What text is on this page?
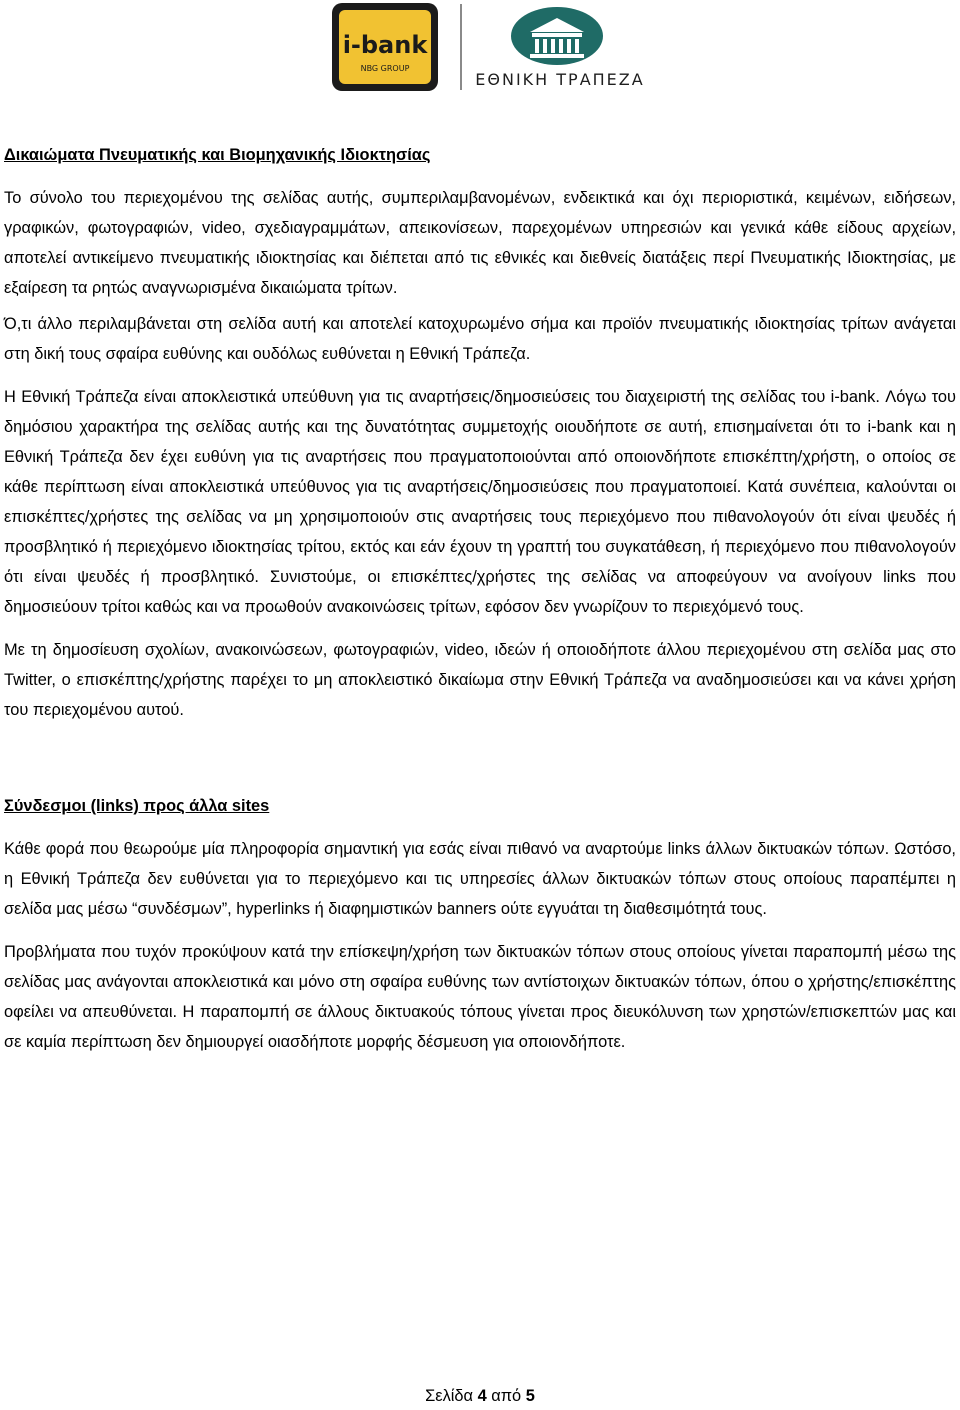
i-bank
NBG GROUP
ΕΘΝΙΚΗ ΤΡΑΠΕΖΑ
Δικαιώματα Πνευματικής και Βιομηχανικής Ιδιοκτησίας

Το σύνολο του περιεχομένου της σελίδας αυτής, συμπεριλαμβανομένων, ενδεικτικά και όχι περιοριστικά, κειμένων, ειδήσεων, γραφικών, φωτογραφιών, video, σχεδιαγραμμάτων, απεικονίσεων, παρεχομένων υπηρεσιών και γενικά κάθε είδους αρχείων, αποτελεί αντικείμενο πνευματικής ιδιοκτησίας και διέπεται από τις εθνικές και διεθνείς διατάξεις περί Πνευματικής Ιδιοκτησίας, με εξαίρεση τα ρητώς αναγνωρισμένα δικαιώματα τρίτων.

Ό,τι άλλο περιλαμβάνεται στη σελίδα αυτή και αποτελεί κατοχυρωμένο σήμα και προϊόν πνευματικής ιδιοκτησίας τρίτων ανάγεται στη δική τους σφαίρα ευθύνης και ουδόλως ευθύνεται η Εθνική Τράπεζα.

Η Εθνική Τράπεζα είναι αποκλειστικά υπεύθυνη για τις αναρτήσεις/δημοσιεύσεις του διαχειριστή της σελίδας του i-bank. Λόγω του δημόσιου χαρακτήρα της σελίδας αυτής και της δυνατότητας συμμετοχής οιουδήποτε σε αυτή, επισημαίνεται ότι το i-bank και η Εθνική Τράπεζα δεν έχει ευθύνη για τις αναρτήσεις που πραγματοποιούνται από οποιονδήποτε επισκέπτη/χρήστη, ο οποίος σε κάθε περίπτωση είναι αποκλειστικά υπεύθυνος για τις αναρτήσεις/δημοσιεύσεις που πραγματοποιεί. Κατά συνέπεια, καλούνται οι επισκέπτες/χρήστες της σελίδας να μη χρησιμοποιούν στις αναρτήσεις τους περιεχόμενο που πιθανολογούν ότι είναι ψευδές ή προσβλητικό ή περιεχόμενο ιδιοκτησίας τρίτου, εκτός και εάν έχουν τη γραπτή του συγκατάθεση, ή περιεχόμενο που πιθανολογούν ότι είναι ψευδές ή προσβλητικό. Συνιστούμε, οι επισκέπτες/χρήστες της σελίδας να αποφεύγουν να ανοίγουν links που δημοσιεύουν τρίτοι καθώς και να προωθούν ανακοινώσεις τρίτων, εφόσον δεν γνωρίζουν το περιεχόμενό τους.

Με τη δημοσίευση σχολίων, ανακοινώσεων, φωτογραφιών, video, ιδεών ή οποιοδήποτε άλλου περιεχομένου στη σελίδα μας στο Twitter, ο επισκέπτης/χρήστης παρέχει το μη αποκλειστικό δικαίωμα στην Εθνική Τράπεζα να αναδημοσιεύσει και να κάνει χρήση του περιεχομένου αυτού.

Σύνδεσμοι (links) προς άλλα sites

Κάθε φορά που θεωρούμε μία πληροφορία σημαντική για εσάς είναι πιθανό να αναρτούμε links άλλων δικτυακών τόπων. Ωστόσο, η Εθνική Τράπεζα δεν ευθύνεται για το περιεχόμενο και τις υπηρεσίες άλλων δικτυακών τόπων στους οποίους παραπέμπει η σελίδα μας μέσω “συνδέσμων”, hyperlinks ή διαφημιστικών banners ούτε εγγυάται τη διαθεσιμότητά τους.

Προβλήματα που τυχόν προκύψουν κατά την επίσκεψη/χρήση των δικτυακών τόπων στους οποίους γίνεται παραπομπή μέσω της σελίδας μας ανάγονται αποκλειστικά και μόνο στη σφαίρα ευθύνης των αντίστοιχων δικτυακών τόπων, όπου ο χρήστης/επισκέπτης οφείλει να απευθύνεται. Η παραπομπή σε άλλους δικτυακούς τόπους γίνεται προς διευκόλυνση των χρηστών/επισκεπτών μας και σε καμία περίπτωση δεν δημιουργεί οιασδήποτε μορφής δέσμευση για οποιονδήποτε.

Σελίδα 4 από 5
